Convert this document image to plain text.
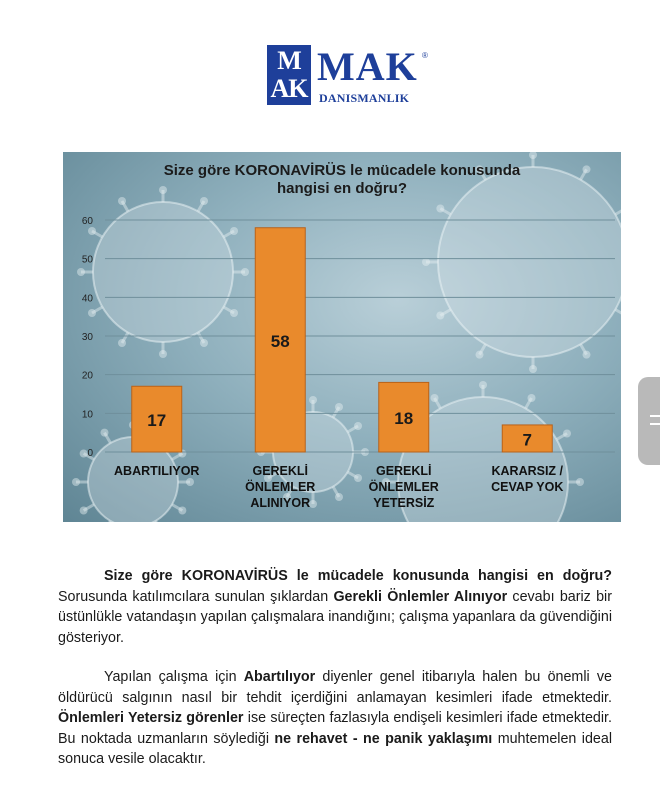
M
AK MAK ®
DANISMANLIK
0
10
20
30
40
50
60
17
ABARTILIYOR
58
GEREKLİ
ÖNLEMLER
ALINIYOR
18
GEREKLİ
ÖNLEMLER
YETERSİZ
7
KARARSIZ /
CEVAP YOK
Size göre KORONAVİRÜS le mücadele konusunda
hangisi en doğru?
Size göre KORONAVİRÜS le mücadele konusunda hangisi en doğru? Sorusunda katılımcılara sunulan şıklardan Gerekli Önlemler Alınıyor cevabı bariz bir üstünlükle vatandaşın yapılan çalışmalara inandığını; çalışma yapanlara da güvendiğini gösteriyor.
Yapılan çalışma için Abartılıyor diyenler genel itibarıyla halen bu önemli ve öldürücü salgının nasıl bir tehdit içerdiğini anlamayan kesimleri ifade etmektedir. Önlemleri Yetersiz görenler ise süreçten fazlasıyla endişeli kesimleri ifade etmektedir. Bu noktada uzmanların söylediği ne rehavet - ne panik yaklaşımı muhtemelen ideal sonuca vesile olacaktır.
